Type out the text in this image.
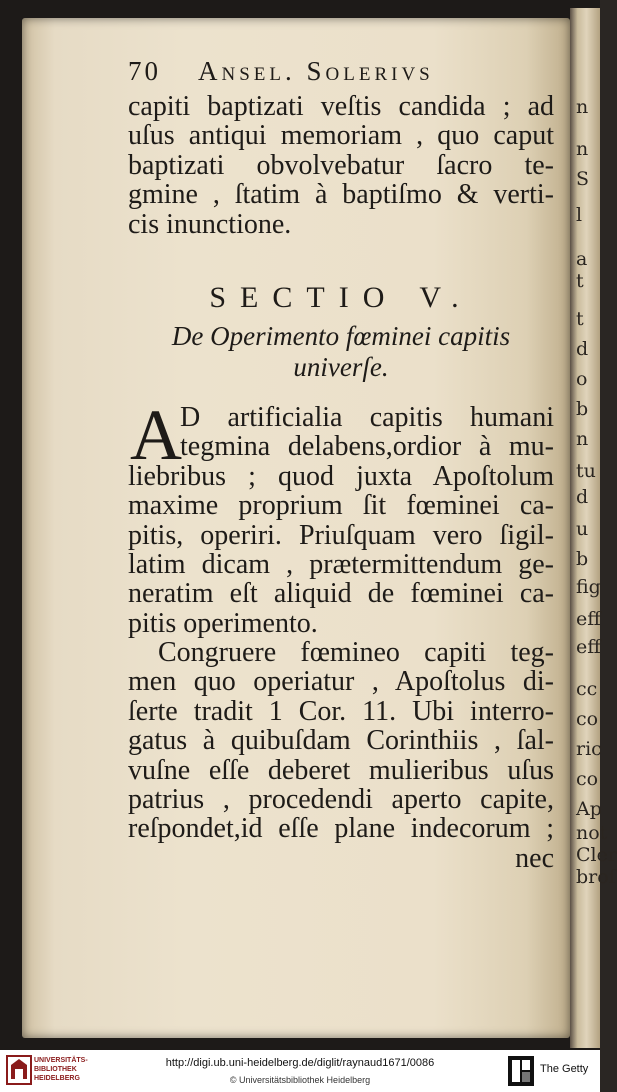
n
n
S
l
a
t
t
d
o
b
n
tu
d
u
b
fig
eff
eff
cc
co
ric
co
Ap
not
Cler
brof
70 Ansel. Solerivs
capiti baptizati veſtis candida ; ad
uſus antiqui memoriam , quo caput
baptizati obvolvebatur ſacro te-
gmine , ſtatim à baptiſmo & verti-
cis inunctione.
SECTIO V.
De Operimento fœminei capitis
univerſe.
A
D artificialia capitis humani
tegmina delabens,ordior à mu-
liebribus ; quod juxta Apoſtolum
maxime proprium ſit fœminei ca-
pitis, operiri. Priuſquam vero ſigil-
latim dicam , prætermittendum ge-
neratim eſt aliquid de fœminei ca-
pitis operimento.
Congruere fœmineo capiti teg-
men quo operiatur , Apoſtolus di-
ſerte tradit 1 Cor. 11. Ubi interro-
gatus à quibuſdam Corinthiis , ſal-
vuſne eſſe deberet mulieribus uſus
patrius , procedendi aperto capite,
reſpondet,id eſſe plane indecorum ;
nec
UNIVERSITÄTS-
BIBLIOTHEK
HEIDELBERG
http://digi.ub.uni-heidelberg.de/diglit/raynaud1671/0086
© Universitätsbibliothek Heidelberg
The Getty
